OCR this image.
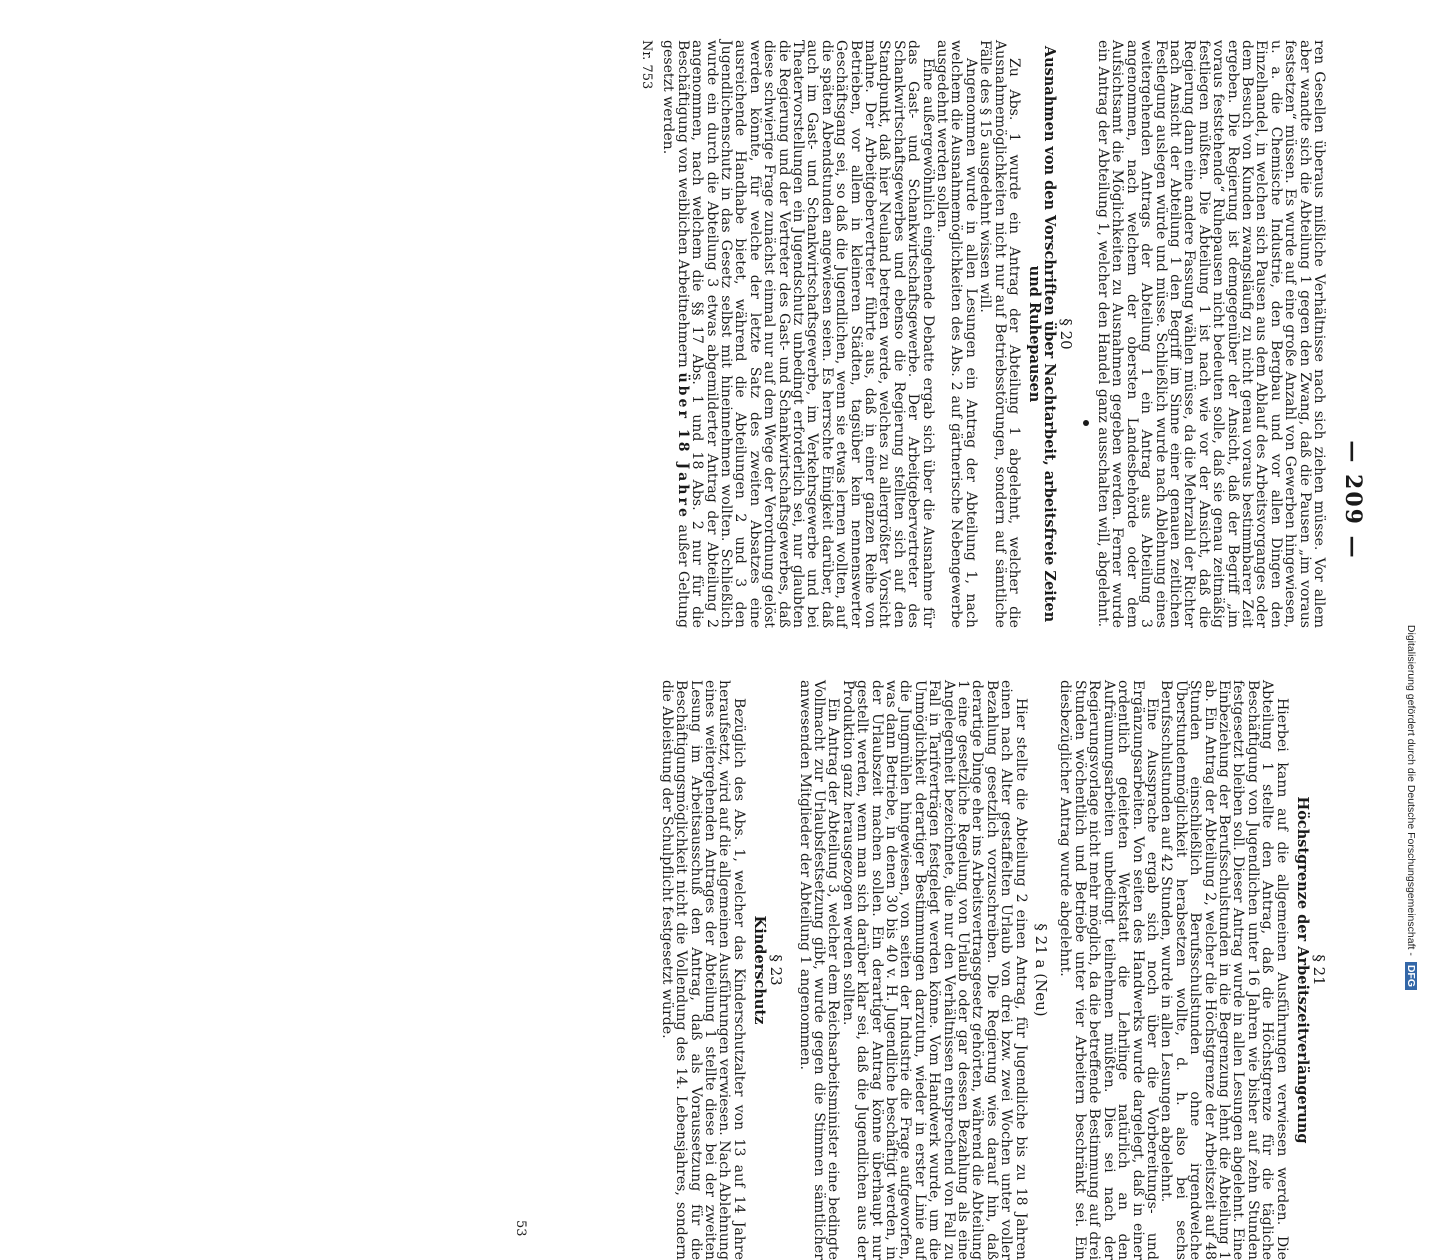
— 209 —

ren Gesellen überaus mißliche Verhältnisse nach sich ziehen müsse. Vor allem aber wandte sich die Abteilung 1 gegen den Zwang, daß die Pausen „im voraus festsetzen“ müssen. Es wurde auf eine große Anzahl von Gewerben hingewiesen, u. a. die Chemische Industrie, den Bergbau und vor allen Dingen den Einzelhandel, in welchen sich Pausen aus dem Ablauf des Arbeitsvorganges oder dem Besuch von Kunden zwangsläufig zu nicht genau voraus bestimmbarer Zeit ergeben. Die Regierung ist demgegenüber der Ansicht, daß der Begriff „im voraus feststehende“ Ruhepausen nicht bedeuten solle, daß sie genau zeitmäßig festliegen müßten. Die Abteilung 1 ist nach wie vor der Ansicht, daß die Regierung dann eine andere Fassung wählen müsse, da die Mehrzahl der Richter nach Ansicht der Abteilung 1 den Begriff im Sinne einer genauen zeitlichen Festlegung auslegen würde und müsse. Schließlich wurde nach Ablehnung eines weitergehenden Antrags der Abteilung 1 ein Antrag aus Abteilung 3 angenommen, nach welchem der obersten Landesbehörde oder dem Aufsichtsamt die Möglichkeiten zu Ausnahmen gegeben werden. Ferner wurde ein Antrag der Abteilung 1, welcher den Handel ganz ausschalten will, abgelehnt.

§ 20
Ausnahmen von den Vorschriften über Nachtarbeit, arbeitsfreie Zeiten und Ruhepausen

Zu Abs. 1 wurde ein Antrag der Abteilung 1 abgelehnt, welcher die Ausnahmemöglichkeiten nicht nur auf Betriebsstörungen, sondern auf sämtliche Fälle des § 15 ausgedehnt wissen will.

Angenommen wurde in allen Lesungen ein Antrag der Abteilung 1, nach welchem die Ausnahmemöglichkeiten des Abs. 2 auf gärtnerische Nebengewerbe ausgedehnt werden sollen.

Eine außergewöhnlich eingehende Debatte ergab sich über die Ausnahme für das Gast- und Schankwirtschaftsgewerbe. Der Arbeitgebervertreter des Schankwirtschaftsgewerbes und ebenso die Regierung stellten sich auf den Standpunkt, daß hier Neuland betreten werde, welches zu allergrößter Vorsicht mahne. Der Arbeitgebervertreter führte aus, daß in einer ganzen Reihe von Betrieben, vor allem in kleineren Städten, tagsüber kein nennenswerter Geschäftsgang sei, so daß die Jugendlichen, wenn sie etwas lernen wollten, auf die späten Abendstunden angewiesen seien. Es herrschte Einigkeit darüber, daß auch im Gast- und Schankwirtschaftsgewerbe, im Verkehrsgewerbe und bei Theatervorstellungen ein Jugendschutz unbedingt erforderlich sei, nur glaubten die Regierung und der Vertreter des Gast- und Schankwirtschaftsgewerbes, daß diese schwierige Frage zunächst einmal nur auf dem Wege der Verordnung gelöst werden könnte, für welche der letzte Satz des zweiten Absatzes eine ausreichende Handhabe bietet, während die Abteilungen 2 und 3 den Jugendlichenschutz in das Gesetz selbst mit hineinnehmen wollten. Schließlich wurde ein durch die Abteilung 3 etwas abgemilderter Antrag der Abteilung 2 angenommen, nach welchem die §§ 17 Abs. 1 und 18 Abs. 2 nur für die Beschäftigung von weiblichen Arbeitnehmern über 18 Jahre außer Geltung gesetzt werden.

Nr. 753
§ 21
Höchstgrenze der Arbeitszeitverlängerung

Hierbei kann auf die allgemeinen Ausführungen verwiesen werden. Die Abteilung 1 stellte den Antrag, daß die Höchstgrenze für die tägliche Beschäftigung von Jugendlichen unter 16 Jahren wie bisher auf zehn Stunden festgesetzt bleiben soll. Dieser Antrag wurde in allen Lesungen abgelehnt. Eine Einbeziehung der Berufsschulstunden in die Begrenzung lehnt die Abteilung 1 ab. Ein Antrag der Abteilung 2, welcher die Höchstgrenze der Arbeitszeit auf 48 Stunden einschließlich Berufsschulstunden ohne irgendwelche Überstundenmöglichkeit herabsetzen wollte, d. h. also bei sechs Berufsschulstunden auf 42 Stunden, wurde in allen Lesungen abgelehnt.

Eine Aussprache ergab sich noch über die Vorbereitungs- und Ergänzungsarbeiten. Von seiten des Handwerks wurde dargelegt, daß in einer ordentlich geleiteten Werkstatt die Lehrlinge natürlich an den Aufräumungsarbeiten unbedingt teilnehmen müßten. Dies sei nach der Regierungsvorlage nicht mehr möglich, da die betreffende Bestimmung auf drei Stunden wöchentlich und Betriebe unter vier Arbeitern beschränkt sei. Ein diesbezüglicher Antrag wurde abgelehnt.

§ 21 a (Neu)

Hier stellte die Abteilung 2 einen Antrag, für Jugendliche bis zu 18 Jahren einen nach Alter gestaffelten Urlaub von drei bzw. zwei Wochen unter voller Bezahlung gesetzlich vorzuschreiben. Die Regierung wies darauf hin, daß derartige Dinge eher ins Arbeitsvertragsgesetz gehörten, während die Abteilung 1 eine gesetzliche Regelung von Urlaub oder gar dessen Bezahlung als eine Angelegenheit bezeichnete, die nur den Verhältnissen entsprechend von Fall zu Fall in Tarifverträgen festgelegt werden könne. Vom Handwerk wurde, um die Unmöglichkeit derartiger Bestimmungen darzutun, wieder in erster Linie auf die Jungmühlen hingewiesen, von seiten der Industrie die Frage aufgeworfen, was dann Betriebe, in denen 30 bis 40 v. H. Jugendliche beschäftigt werden, in der Urlaubszeit machen sollen. Ein derartiger Antrag könne überhaupt nur gestellt werden, wenn man sich darüber klar sei, daß die Jugendlichen aus der Produktion ganz herausgezogen werden sollten.

Ein Antrag der Abteilung 3, welcher dem Reichsarbeitsminister eine bedingte Vollmacht zur Urlaubsfestsetzung gibt, wurde gegen die Stimmen sämtlicher anwesenden Mitglieder der Abteilung 1 angenommen.

§ 23
Kinderschutz

Bezüglich des Abs. 1, welcher das Kinderschutzalter von 13 auf 14 Jahre heraufsetzt, wird auf die allgemeinen Ausführungen verwiesen. Nach Ablehnung eines weitergehenden Antrages der Abteilung 1 stellte diese bei der zweiten Lesung im Arbeitsausschuß den Antrag, daß als Voraussetzung für die Beschäftigungsmöglichkeit nicht die Vollendung des 14. Lebensjahres, sondern die Ableistung der Schulpflicht festgesetzt würde.

53
Digitalisierung gefördert durch die Deutsche Forschungsgemeinschaft -DFG
